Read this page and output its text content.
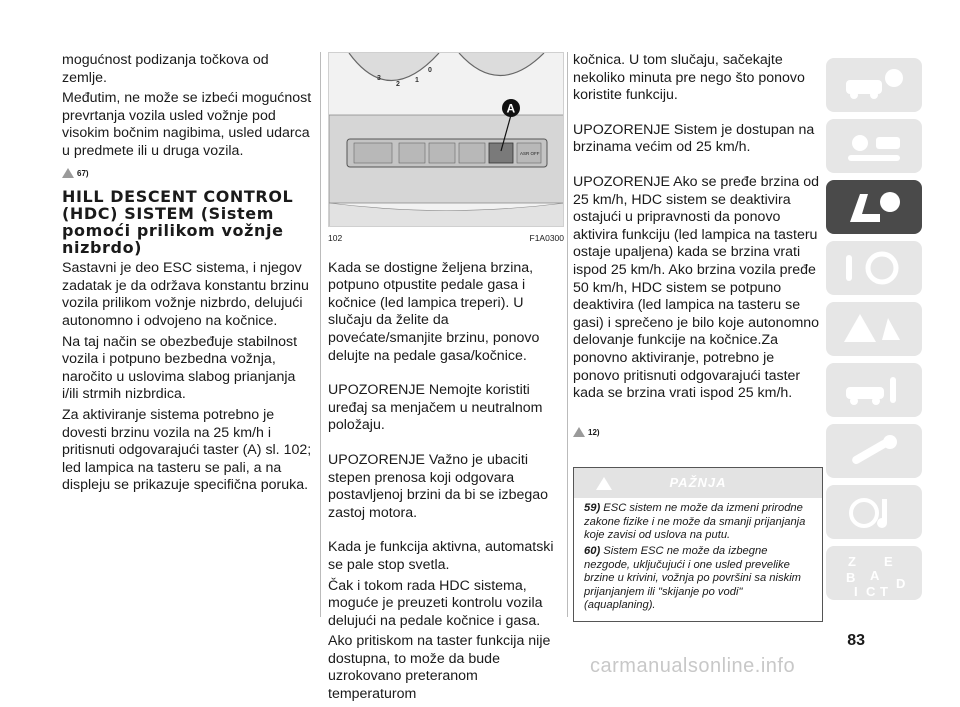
mogućnost podizanja točkova od zemlje.

Međutim, ne može se izbeći mogućnost prevrtanja vozila usled vožnje pod visokim bočnim nagibima, usled udarca u predmete ili u druga vozila.

67)
HILL DESCENT CONTROL (HDC) SISTEM (Sistem pomoći prilikom vožnje nizbrdo)

Sastavni je deo ESC sistema, i njegov zadatak je da održava konstantu brzinu vozila prilikom vožnje nizbrdo, delujući autonomno i odvojeno na kočnice.

Na taj način se obezbeđuje stabilnost vozila i potpuno bezbedna vožnja, naročito u uslovima slabog prianjanja i/ili strmih nizbrdica.

Za aktiviranje sistema potrebno je dovesti brzinu vozila na 25 km/h i pritisnuti odgovarajući taster (A) sl. 102; led lampica na tasteru se pali, a na displeju se prikazuje specifična poruka.

3
2
1
0
ASR OFF
A
102	F1A0300

Kada se dostigne željena brzina, potpuno otpustite pedale gasa i kočnice (led lampica treperi). U slučaju da želite da povećate/smanjite brzinu, ponovo delujte na pedale gasa/kočnice.

UPOZORENJE Nemojte koristiti uređaj sa menjačem u neutralnom položaju.

UPOZORENJE Važno je ubaciti stepen prenosa koji odgovara postavljenoj brzini da bi se izbegao zastoj motora.

Kada je funkcija aktivna, automatski se pale stop svetla.

Čak i tokom rada HDC sistema, moguće je preuzeti kontrolu vozila delujući na pedale kočnice i gasa.

Ako pritiskom na taster funkcija nije dostupna, to može da bude uzrokovano preteranom temperaturom

kočnica. U tom slučaju, sačekajte nekoliko minuta pre nego što ponovo koristite funkciju.

UPOZORENJE Sistem je dostupan na brzinama većim od 25 km/h.

UPOZORENJE Ako se pređe brzina od 25 km/h, HDC sistem se deaktivira ostajući u pripravnosti da ponovo aktivira funkciju (led lampica na tasteru ostaje upaljena) kada se brzina vrati ispod 25 km/h. Ako brzina vozila pređe 50 km/h, HDC sistem se potpuno deaktivira (led lampica na tasteru se gasi) i sprečeno je bilo koje autonomno delovanje funkcije na kočnice.Za ponovno aktiviranje, potrebno je ponovo pritisnuti odgovarajući taster kada se brzina vrati ispod 25 km/h.

12)
PAŽNJA

59) ESC sistem ne može da izmeni prirodne zakone fizike i ne može da smanji prijanjanja koje zavisi od uslova na putu.

60) Sistem ESC ne može da izbegne nezgode, uključujući i one usled prevelike brzine u krivini, vožnja po površini sa niskim prijanjanjem ili "skijanje po vodi" (aquaplaning).

Z E
B A
I C T
D
83
carmanualsonline.info
